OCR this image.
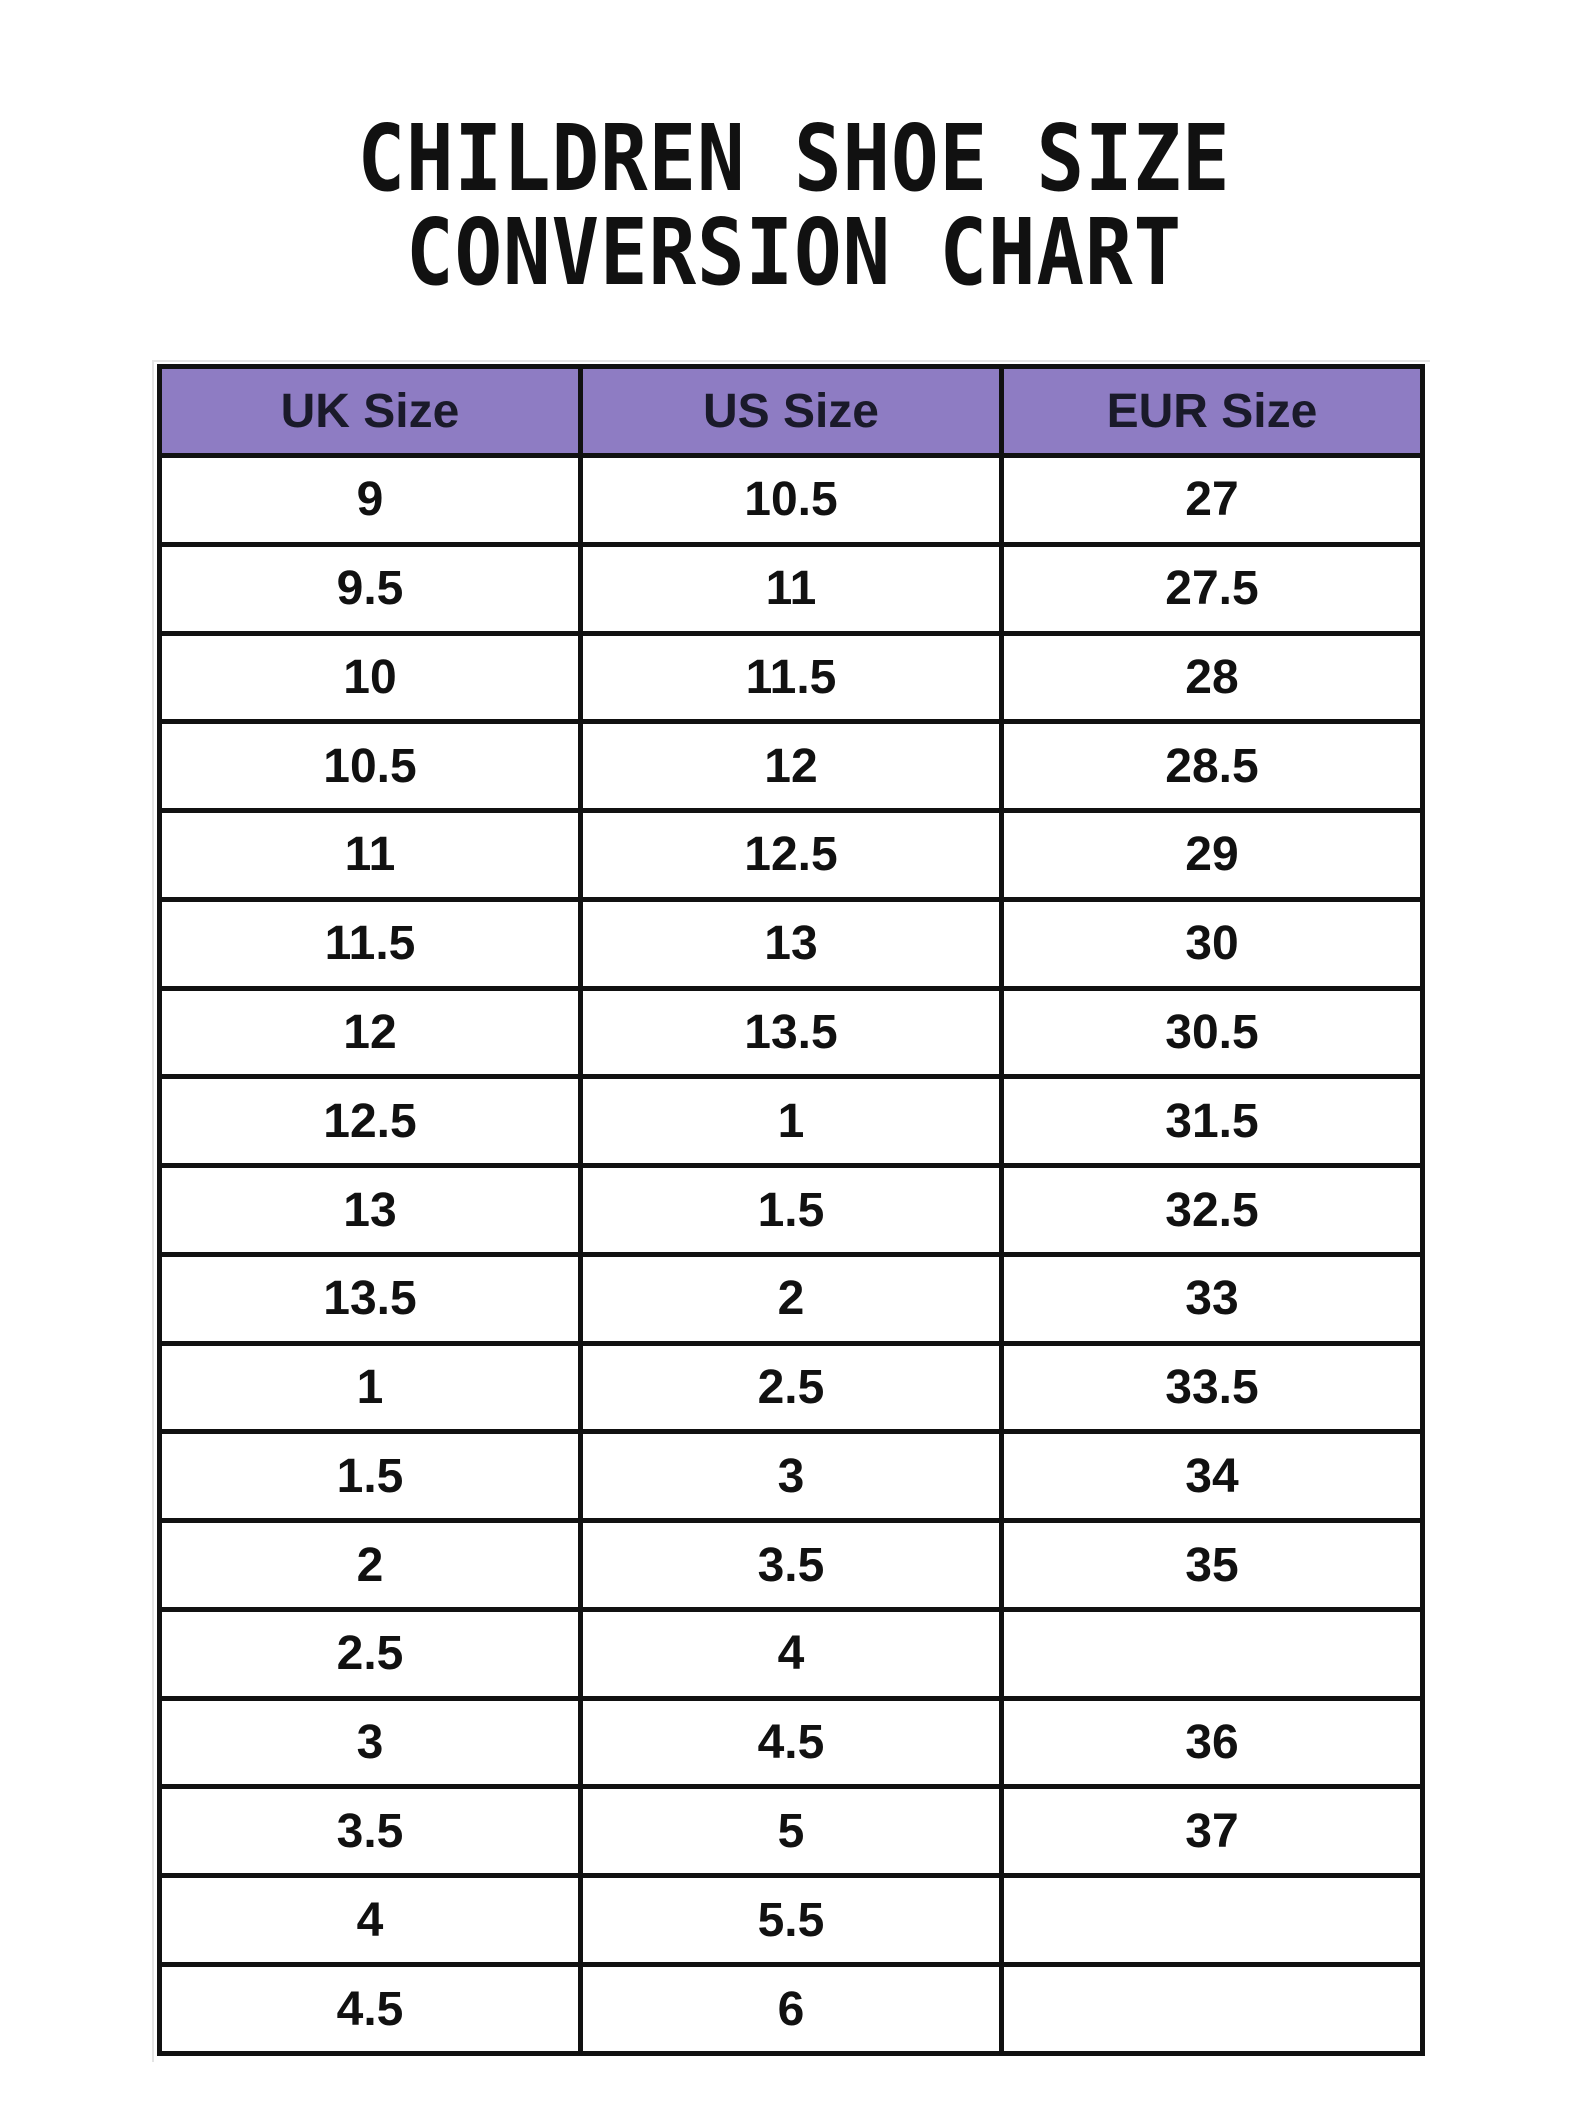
CHILDREN SHOE SIZE
CONVERSION CHART
UK Size	US Size	EUR Size
9	10.5	27
9.5	11	27.5
10	11.5	28
10.5	12	28.5
11	12.5	29
11.5	13	30
12	13.5	30.5
12.5	1	31.5
13	1.5	32.5
13.5	2	33
1	2.5	33.5
1.5	3	34
2	3.5	35
2.5	4	
3	4.5	36
3.5	5	37
4	5.5	
4.5	6	
